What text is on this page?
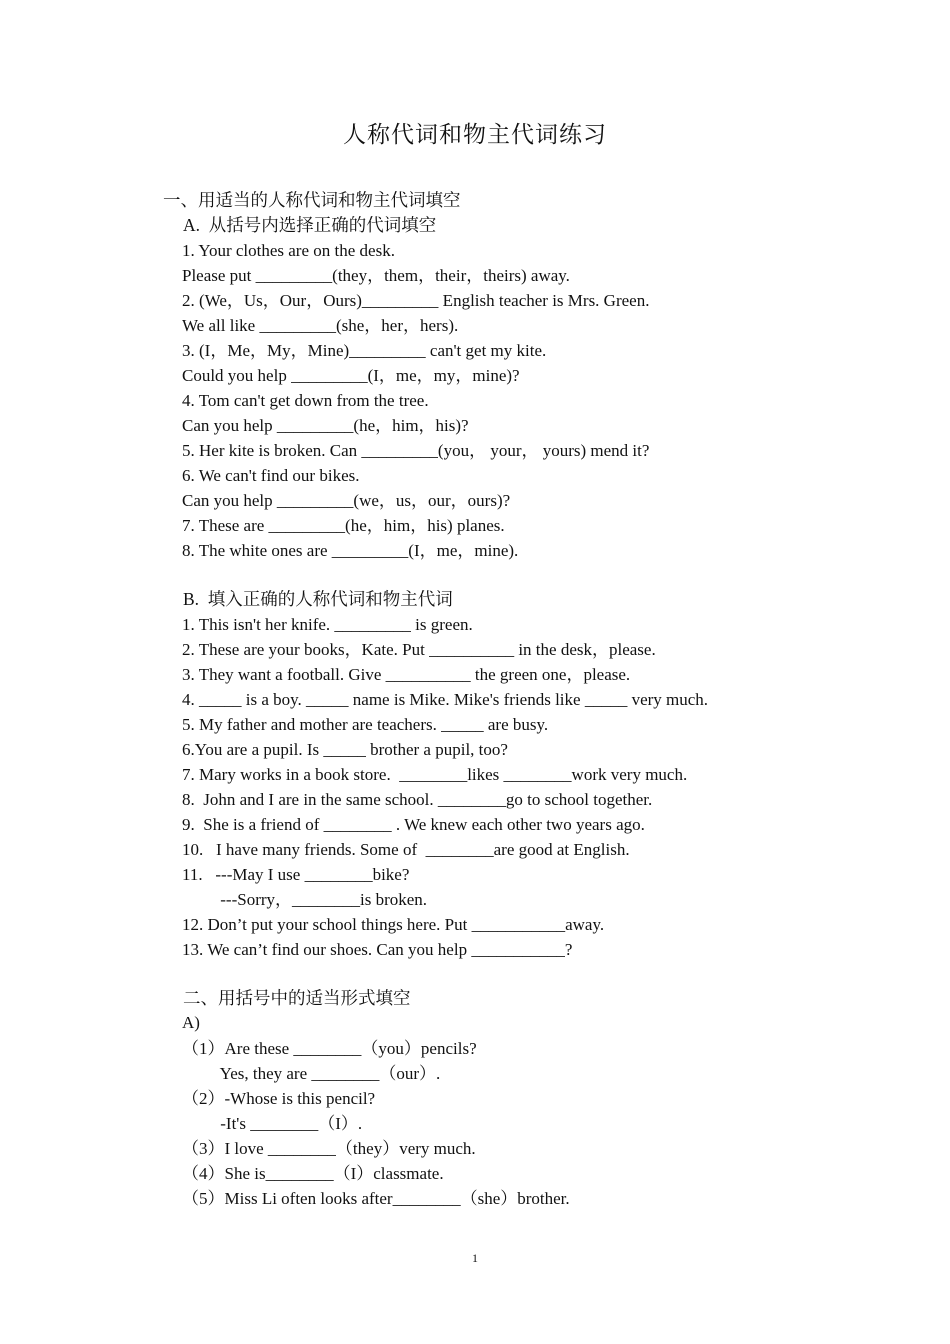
人称代词和物主代词练习
一、用适当的人称代词和物主代词填空
A.  从括号内选择正确的代词填空
1. Your clothes are on the desk.
Please put _________(they，them，their，theirs) away.
2. (We，Us，Our，Ours)_________ English teacher is Mrs. Green.
We all like _________(she，her，hers).
3. (I，Me，My，Mine)_________ can't get my kite.
Could you help _________(I，me，my，mine)?
4. Tom can't get down from the tree.
Can you help _________(he，him，his)?
5. Her kite is broken. Can _________(you， your， yours) mend it?
6. We can't find our bikes.
Can you help _________(we，us，our，ours)?
7. These are _________(he，him，his) planes.
8. The white ones are _________(I，me，mine).
B.  填入正确的人称代词和物主代词
1. This isn't her knife. _________ is green.
2. These are your books，Kate. Put __________ in the desk，please.
3. They want a football. Give __________ the green one，please.
4. _____ is a boy. _____ name is Mike. Mike's friends like _____ very much.
5. My father and mother are teachers. _____ are busy.
6.You are a pupil. Is _____ brother a pupil, too?
7. Mary works in a book store.  ________likes ________work very much.
8.  John and I are in the same school. ________go to school together.
9.  She is a friend of ________ . We knew each other two years ago.
10.   I have many friends. Some of  ________are good at English.
11.   ---May I use ________bike?
---Sorry，________is broken.
12. Don’t put your school things here. Put ___________away.
13. We can’t find our shoes. Can you help ___________?
二、用括号中的适当形式填空
A)
（1）Are these ________（you）pencils?
Yes, they are ________（our）.
（2）-Whose is this pencil?
-It's ________（I）.
（3）I love ________（they）very much.
（4）She is________（I）classmate.
（5）Miss Li often looks after________（she）brother.
1
